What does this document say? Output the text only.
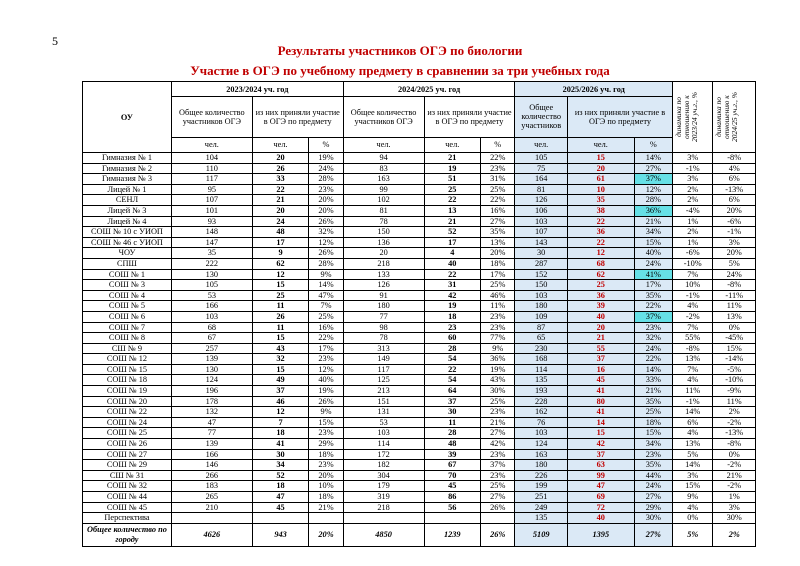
5
Результаты участников ОГЭ по биологии
Участие в ОГЭ по учебному предмету в сравнении за три учебных года
ОУ	2023/2024 уч. год			2024/2025 уч. год			2025/2026 уч. год			динамика по отношению к 2023/24 уч.г., %	динамика по отношению к 2024/25 уч.г., %

	Общее количество участников ОГЭ	из них приняли участие в ОГЭ по предмету		Общее количество участников ОГЭ	из них приняли участие в ОГЭ по предмету		Общее количество участников	из них приняли участие в ОГЭ по предмету			
	чел.	чел.	%	чел.	чел.	%	чел.	чел.	%		
Гимназия № 1	104	20	19%	94	21	22%	105	15	14%	3%	-8%
Гимназия № 2	110	26	24%	83	19	23%	75	20	27%	-1%	4%
Гимназия № 3	117	33	28%	163	51	31%	164	61	37%	3%	6%
Лицей № 1	95	22	23%	99	25	25%	81	10	12%	2%	-13%
СЕНЛ	107	21	20%	102	22	22%	126	35	28%	2%	6%
Лицей № 3	101	20	20%	81	13	16%	106	38	36%	-4%	20%
Лицей № 4	93	24	26%	78	21	27%	103	22	21%	1%	-6%
СОШ № 10 с УИОП	148	48	32%	150	52	35%	107	36	34%	2%	-1%
СОШ № 46 с УИОП	147	17	12%	136	17	13%	143	22	15%	1%	3%
ЧОУ	35	9	26%	20	4	20%	30	12	40%	-6%	20%
СПШ	222	62	28%	218	40	18%	287	68	24%	-10%	5%
СОШ № 1	130	12	9%	133	22	17%	152	62	41%	7%	24%
СОШ № 3	105	15	14%	126	31	25%	150	25	17%	10%	-8%
СОШ № 4	53	25	47%	91	42	46%	103	36	35%	-1%	-11%
СОШ № 5	166	11	7%	180	19	11%	180	39	22%	4%	11%
СОШ № 6	103	26	25%	77	18	23%	109	40	37%	-2%	13%
СОШ № 7	68	11	16%	98	23	23%	87	20	23%	7%	0%
СОШ № 8	67	15	22%	78	60	77%	65	21	32%	55%	-45%
СШ № 9	257	43	17%	313	28	9%	230	55	24%	-8%	15%
СОШ № 12	139	32	23%	149	54	36%	168	37	22%	13%	-14%
СОШ № 15	130	15	12%	117	22	19%	114	16	14%	7%	-5%
СОШ № 18	124	49	40%	125	54	43%	135	45	33%	4%	-10%
СОШ № 19	196	37	19%	213	64	30%	193	41	21%	11%	-9%
СОШ № 20	178	46	26%	151	37	25%	228	80	35%	-1%	11%
СОШ № 22	132	12	9%	131	30	23%	162	41	25%	14%	2%
СОШ № 24	47	7	15%	53	11	21%	76	14	18%	6%	-2%
СОШ № 25	77	18	23%	103	28	27%	103	15	15%	4%	-13%
СОШ № 26	139	41	29%	114	48	42%	124	42	34%	13%	-8%
СОШ № 27	166	30	18%	172	39	23%	163	37	23%	5%	0%
СОШ № 29	146	34	23%	182	67	37%	180	63	35%	14%	-2%
СШ № 31	266	52	20%	304	70	23%	226	99	44%	3%	21%
СОШ № 32	183	18	10%	179	45	25%	199	47	24%	15%	-2%
СОШ № 44	265	47	18%	319	86	27%	251	69	27%	9%	1%
СОШ № 45	210	45	21%	218	56	26%	249	72	29%	4%	3%
Перспектива							135	40	30%	0%	30%
Общее количество по городу	4626	943	20%	4850	1239	26%	5109	1395	27%	5%	2%
